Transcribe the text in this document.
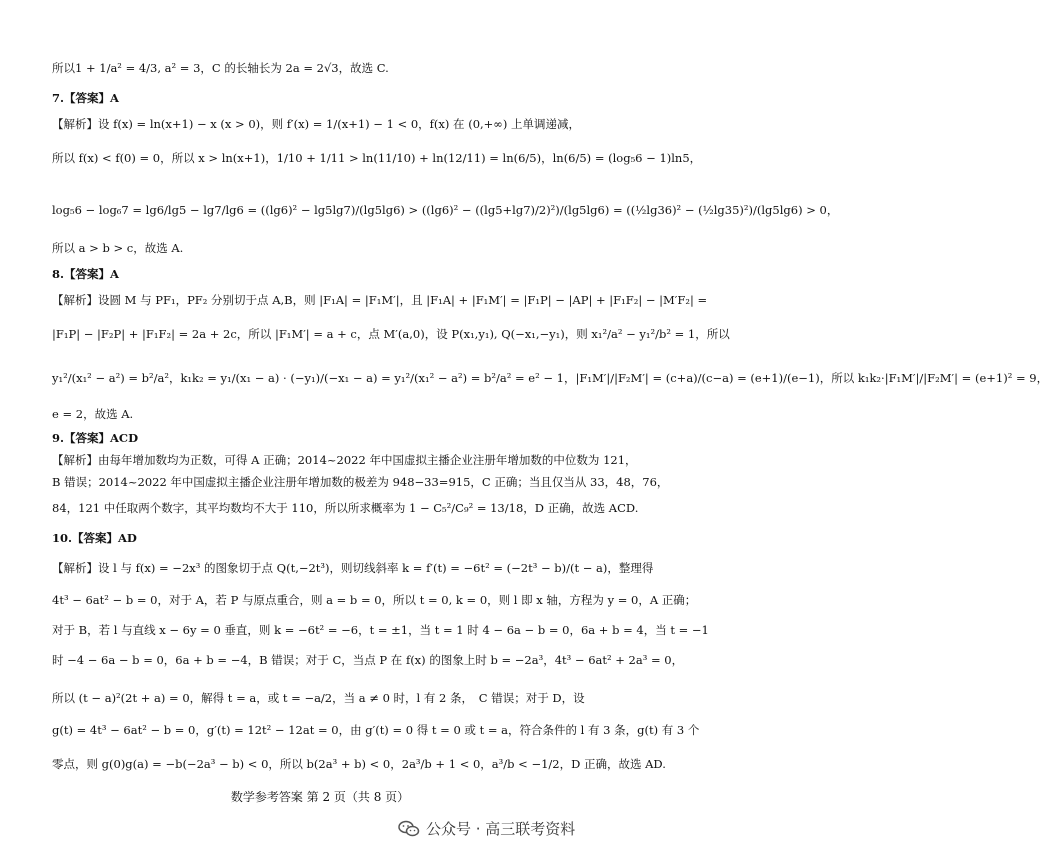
所以1 + 1/a² = 4/3, a² = 3，C 的长轴长为 2a = 2√3，故选 C.
7.【答案】A
【解析】设 f(x) = ln(x+1) − x (x > 0)，则 f′(x) = 1/(x+1) − 1 < 0，f(x) 在 (0,+∞) 上单调递减，
所以 f(x) < f(0) = 0，所以 x > ln(x+1)，1/10 + 1/11 > ln(11/10) + ln(12/11) = ln(6/5)，ln(6/5) = (log₅6 − 1)ln5，
log₅6 − log₆7 = lg6/lg5 − lg7/lg6 = ((lg6)² − lg5lg7)/(lg5lg6) > ((lg6)² − ((lg5+lg7)/2)²)/(lg5lg6) = ((½lg36)² − (½lg35)²)/(lg5lg6) > 0，
所以 a > b > c，故选 A.
8.【答案】A
【解析】设圆 M 与 PF₁，PF₂ 分别切于点 A,B，则 |F₁A| = |F₁M′|，且 |F₁A| + |F₁M′| = |F₁P| − |AP| + |F₁F₂| − |M′F₂| =
|F₁P| − |F₂P| + |F₁F₂| = 2a + 2c，所以 |F₁M′| = a + c，点 M′(a,0)，设 P(x₁,y₁), Q(−x₁,−y₁)，则 x₁²/a² − y₁²/b² = 1，所以
y₁²/(x₁² − a²) = b²/a²，k₁k₂ = y₁/(x₁ − a) · (−y₁)/(−x₁ − a) = y₁²/(x₁² − a²) = b²/a² = e² − 1，|F₁M′|/|F₂M′| = (c+a)/(c−a) = (e+1)/(e−1)，所以 k₁k₂·|F₁M′|/|F₂M′| = (e+1)² = 9，
e = 2，故选 A.
9.【答案】ACD
【解析】由每年增加数均为正数，可得 A 正确；2014~2022 年中国虚拟主播企业注册年增加数的中位数为 121，
B 错误；2014~2022 年中国虚拟主播企业注册年增加数的极差为 948−33=915，C 正确；当且仅当从 33，48，76，
84，121 中任取两个数字，其平均数均不大于 110，所以所求概率为 1 − C₅²/C₉² = 13/18，D 正确，故选 ACD.
10.【答案】AD
【解析】设 l 与 f(x) = −2x³ 的图象切于点 Q(t,−2t³)，则切线斜率 k = f′(t) = −6t² = (−2t³ − b)/(t − a)，整理得
4t³ − 6at² − b = 0，对于 A，若 P 与原点重合，则 a = b = 0，所以 t = 0, k = 0，则 l 即 x 轴，方程为 y = 0，A 正确；
对于 B，若 l 与直线 x − 6y = 0 垂直，则 k = −6t² = −6，t = ±1，当 t = 1 时 4 − 6a − b = 0，6a + b = 4，当 t = −1
时 −4 − 6a − b = 0，6a + b = −4，B 错误；对于 C，当点 P 在 f(x) 的图象上时 b = −2a³，4t³ − 6at² + 2a³ = 0，
所以 (t − a)²(2t + a) = 0，解得 t = a，或 t = −a/2，当 a ≠ 0 时，l 有 2 条，　C 错误；对于 D，设
g(t) = 4t³ − 6at² − b = 0，g′(t) = 12t² − 12at = 0，由 g′(t) = 0 得 t = 0 或 t = a，符合条件的 l 有 3 条，g(t) 有 3 个
零点，则 g(0)g(a) = −b(−2a³ − b) < 0，所以 b(2a³ + b) < 0，2a³/b + 1 < 0，a³/b < −1/2，D 正确，故选 AD.
数学参考答案 第 2 页（共 8 页）
公众号 · 高三联考资料
